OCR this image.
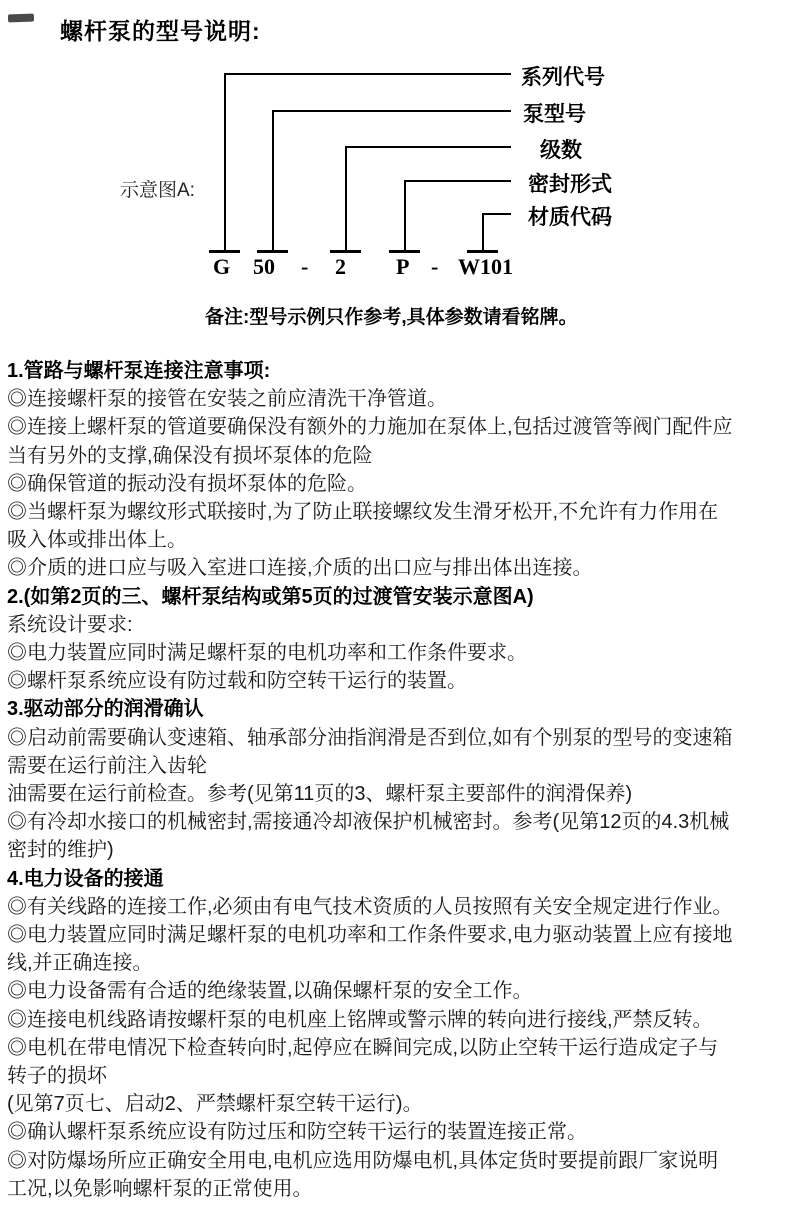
螺杆泵的型号说明:
示意图A:
系列代号
泵型号
级数
密封形式
材质代码
G 50 - 2 P - W101
备注:型号示例只作参考,具体参数请看铭牌。
1.管路与螺杆泵连接注意事项:
◎连接螺杆泵的接管在安装之前应清洗干净管道。
◎连接上螺杆泵的管道要确保没有额外的力施加在泵体上,包括过渡管等阀门配件应
当有另外的支撑,确保没有损坏泵体的危险
◎确保管道的振动没有损坏泵体的危险。
◎当螺杆泵为螺纹形式联接时,为了防止联接螺纹发生滑牙松开,不允许有力作用在
吸入体或排出体上。
◎介质的进口应与吸入室进口连接,介质的出口应与排出体出连接。
2.(如第2页的三、螺杆泵结构或第5页的过渡管安装示意图A)
系统设计要求:
◎电力装置应同时满足螺杆泵的电机功率和工作条件要求。
◎螺杆泵系统应设有防过载和防空转干运行的装置。
3.驱动部分的润滑确认
◎启动前需要确认变速箱、轴承部分油指润滑是否到位,如有个别泵的型号的变速箱
需要在运行前注入齿轮
油需要在运行前检查。参考(见第11页的3、螺杆泵主要部件的润滑保养)
◎有冷却水接口的机械密封,需接通冷却液保护机械密封。参考(见第12页的4.3机械
密封的维护)
4.电力设备的接通
◎有关线路的连接工作,必须由有电气技术资质的人员按照有关安全规定进行作业。
◎电力装置应同时满足螺杆泵的电机功率和工作条件要求,电力驱动装置上应有接地
线,并正确连接。
◎电力设备需有合适的绝缘装置,以确保螺杆泵的安全工作。
◎连接电机线路请按螺杆泵的电机座上铭牌或警示牌的转向进行接线,严禁反转。
◎电机在带电情况下检查转向时,起停应在瞬间完成,以防止空转干运行造成定子与
转子的损坏
(见第7页七、启动2、严禁螺杆泵空转干运行)。
◎确认螺杆泵系统应设有防过压和防空转干运行的装置连接正常。
◎对防爆场所应正确安全用电,电机应选用防爆电机,具体定货时要提前跟厂家说明
工况,以免影响螺杆泵的正常使用。
